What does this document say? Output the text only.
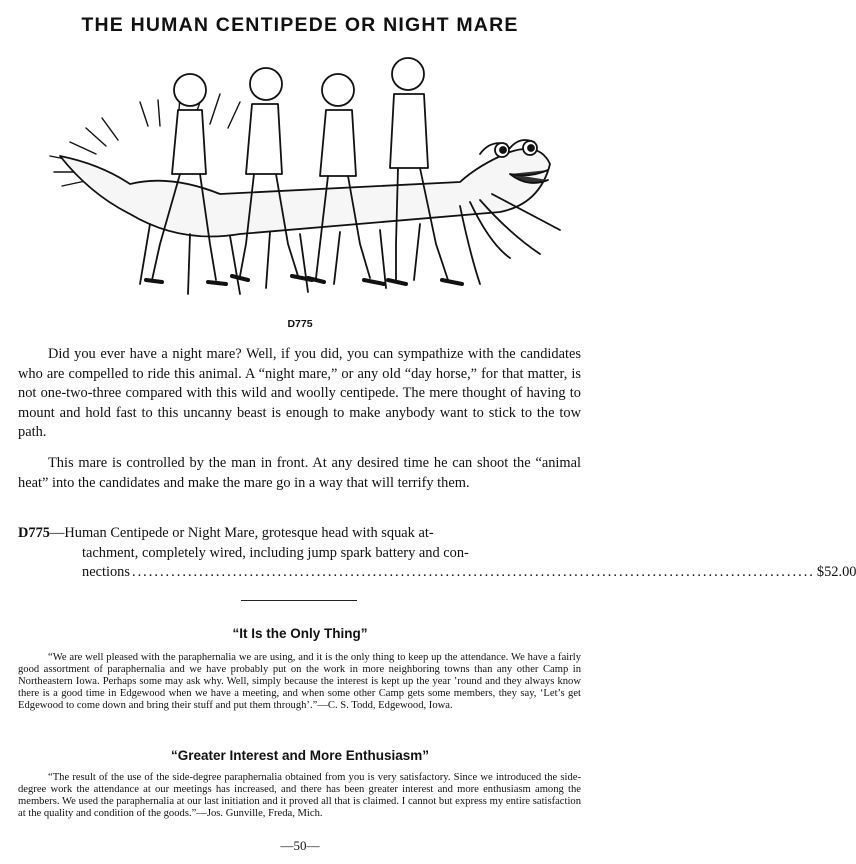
THE HUMAN CENTIPEDE OR NIGHT MARE
D775

Did you ever have a night mare? Well, if you did, you can sympathize with the candidates who are compelled to ride this animal. A “night mare,” or any old “day horse,” for that matter, is not one-two-three compared with this wild and woolly centipede. The mere thought of having to mount and hold fast to this uncanny beast is enough to make anybody want to stick to the tow path.

This mare is controlled by the man in front. At any desired time he can shoot the “animal heat” into the candidates and make the mare go in a way that will terrify them.

D775—Human Centipede or Night Mare, grotesque head with squak at-
tachment, completely wired, including jump spark battery and con-
nections .......................................................................................................................... $52.00
“It Is the Only Thing”

“We are well pleased with the paraphernalia we are using, and it is the only thing to keep up the attendance. We have a fairly good assortment of paraphernalia and we have probably put on the work in more neighboring towns than any other Camp in Northeastern Iowa. Perhaps some may ask why. Well, simply because the interest is kept up the year ’round and they always know there is a good time in Edgewood when we have a meeting, and when some other Camp gets some members, they say, ‘Let’s get Edgewood to come down and bring their stuff and put them through’.”—C. S. Todd, Edgewood, Iowa.

“Greater Interest and More Enthusiasm”

“The result of the use of the side-degree paraphernalia obtained from you is very satisfactory. Since we introduced the side-degree work the attendance at our meetings has increased, and there has been greater interest and more enthusiasm among the members. We used the paraphernalia at our last initiation and it proved all that is claimed. I cannot but express my entire satisfaction at the quality and condition of the goods.”—Jos. Gunville, Freda, Mich.

—50—
